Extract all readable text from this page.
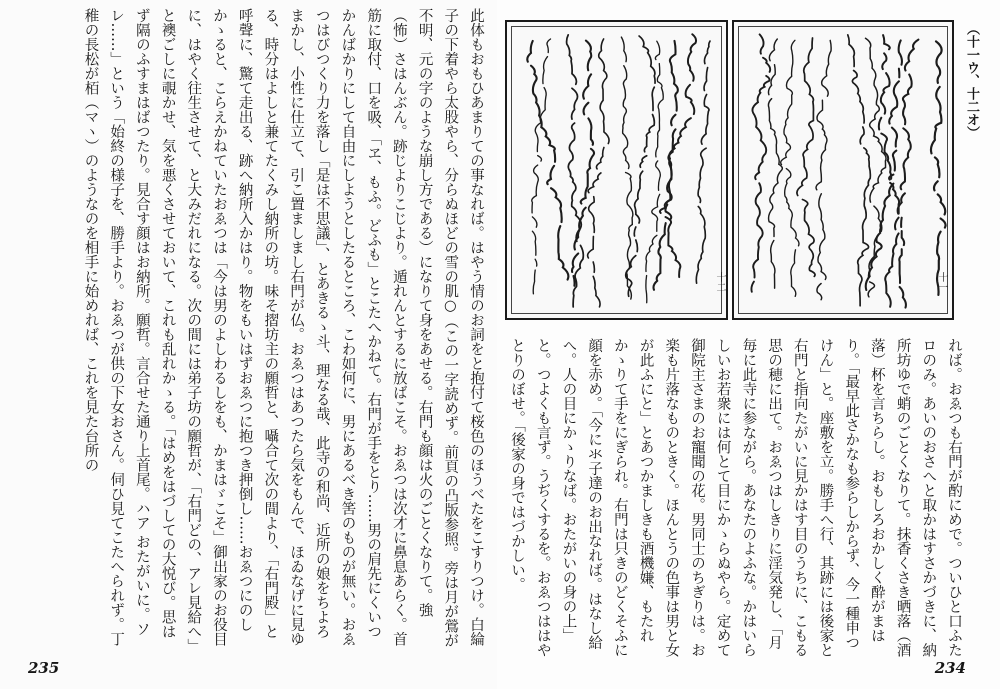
此体もおもひあまりての事なれば。はやう情のお詞をと抱付て桜色のほうべたをこすりつけ。白綸子の下着やら太股やら、分らぬほどの雪の肌○（この一字読めず。前頁の凸版参照。旁は月が鶯が不明、元の字のような崩し方である）になりて身をあせる。右門も顔は火のごとくなりて。強（怖）さはんぶん。跡じよりこじより。遁れんとするに放ばこそ。おゑつは次才に鼻息あらく。首筋に取付、口を吸、「ヱ、もふ。どふも」とこたへかねて。右門が手をとり……男の肩先にくいつかんばかりにして自由にしようとしたるところ、こわ如何に、男にあるべき筈のものが無い。おゑつはびつくり力を落し「是は不思議」、とあきるゝ斗、理なる哉、此寺の和尚、近所の娘をちよろまかし、小性に仕立て、引こ置ましまし右門が仏。おゑつはあつたら気をもんで、ほゐなげに見ゆる、時分はよしと兼てたくみし納所の坊。味そ摺坊主の願哲と、囁合て次の間より、「右門殿」と呼聲に、驚て走出る、跡へ納所入かはり。物をもいはずおゑつに抱つき押倒し……おゑつにのしかゝると、こらえかねていたおゑつは「今は男のよしわるしをも、かまはゞこそ」御出家のお役目に、はやく往生させて、と大みだれになる。次の間には弟子坊の願哲が、「右門どの、アレ見給へ」と襖ごしに覗かせ、気を悪くさせておいて、これも乱れかゝる。「はめをはづしての大悦び。思はず隔のふすまはばつたり。見合す顔はお納所。願哲。言合せた通り上首尾。ハア おたがいに。ソレ……」という「始終の様子を、勝手より。おゑつが供の下女おさん。伺ひ見てこたへられず。丁稚の長松が栢（マヽ）のようなのを相手に始めれば、これを見た台所の

235
十二	十一
（十一ウ、十二オ）

れば。おゑつも右門が酌にめで。ついひと口ふたロのみ。あいのおさへと取かはすさかづきに、納所坊ゆで蛸のごとくなりて。抹香くさき晒落（酒落）杯を言ちらし。おもしろおかしく酔がまはり。「最早此さかなも参らしからず、今一種申つけん」と。座敷を立。勝手へ行、其跡には後家と右門と指向たがいに見かはす目のうちに、こもる思の穂に出て。おゑつはしきりに淫気発し、「月毎に此寺に参ながら。あなたのよふな。かはいらしいお若衆には何とて目にかゝらぬやら。定めて御院主さまのお寵聞の花。男同士のちぎりは。お楽も片落なものときく。ほんとうの色事は男と女が此ふにと」とあつかましきも酒機嫌、もたれかゝりて手をにぎられ。右門は只きのどくそふに顔を赤め。「今に氺子達のお出なれば。はなし給へ。人の目にかゝりなば。おたがいの身の上」と。つよくも言ず。うぢくするを。おゑつははやとりのぼせ。「後家の身ではづかしい。

234
